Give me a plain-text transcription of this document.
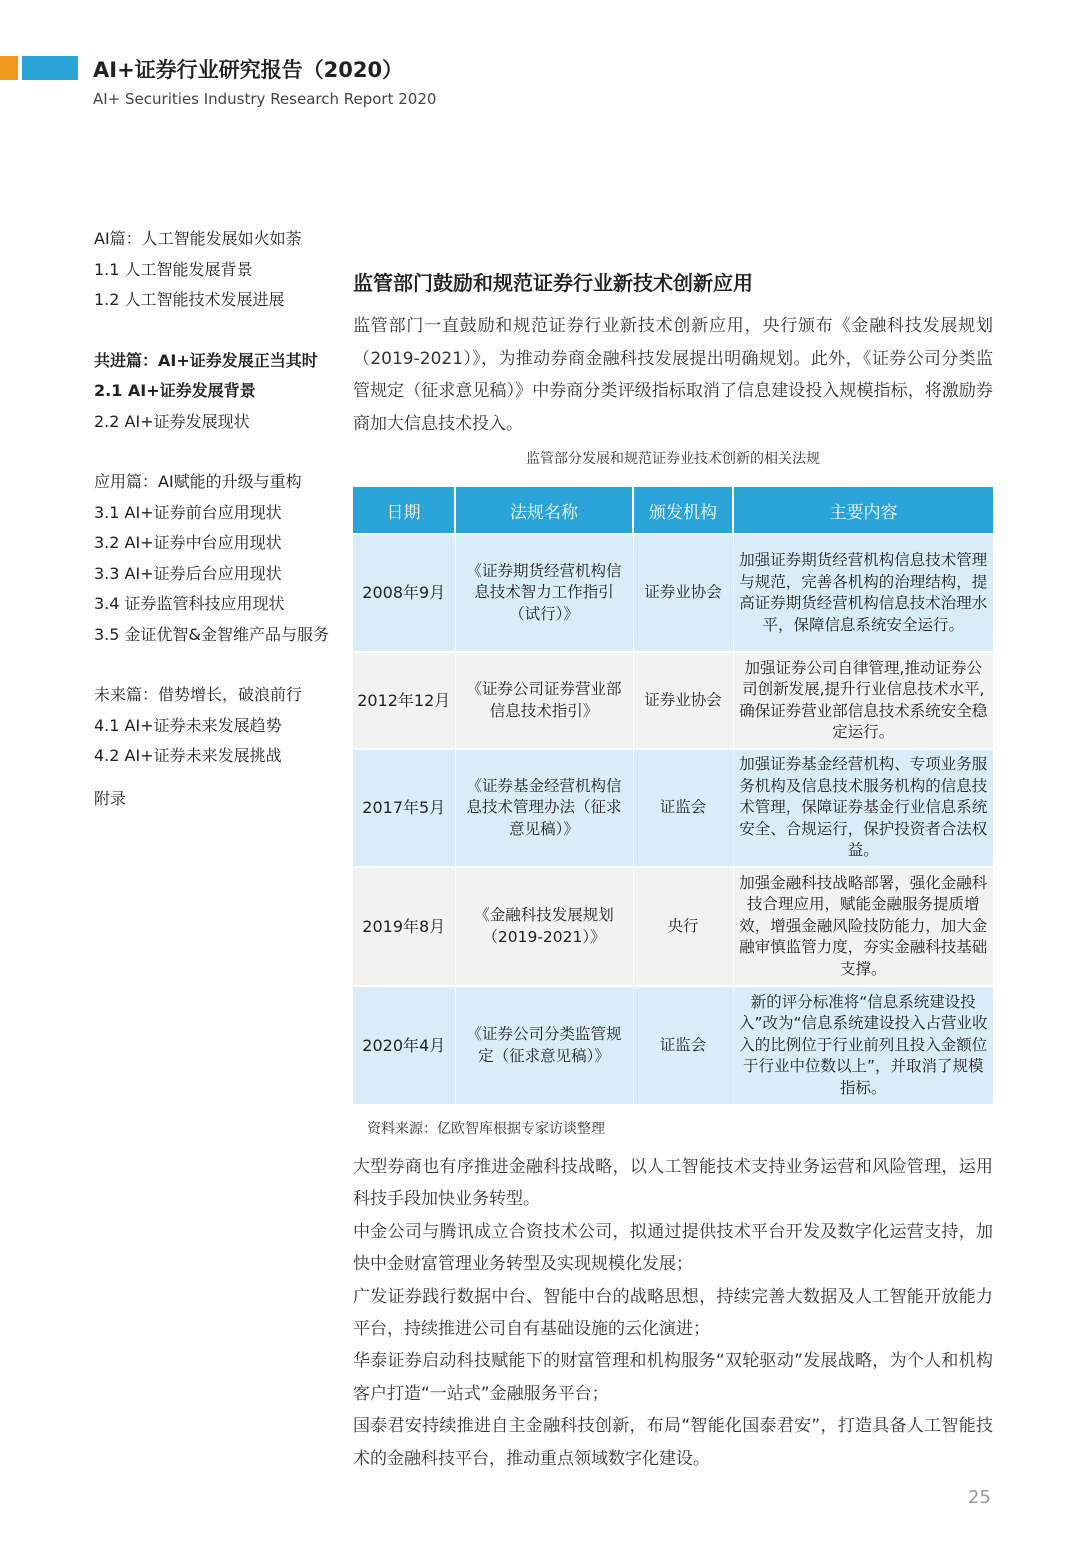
AI+证券行业研究报告（2020）
AI+ Securities Industry Research Report 2020
AI篇：人工智能发展如火如荼
1.1 人工智能发展背景
1.2 人工智能技术发展进展
共进篇：AI+证券发展正当其时
2.1 AI+证券发展背景
2.2 AI+证券发展现状
应用篇：AI赋能的升级与重构
3.1 AI+证券前台应用现状
3.2 AI+证券中台应用现状
3.3 AI+证券后台应用现状
3.4 证券监管科技应用现状
3.5 金证优智&金智维产品与服务
未来篇：借势增长，破浪前行
4.1 AI+证券未来发展趋势
4.2 AI+证券未来发展挑战
附录
监管部门鼓励和规范证券行业新技术创新应用
监管部门一直鼓励和规范证券行业新技术创新应用，央行颁布《金融科技发展规划（2019-2021）》，为推动券商金融科技发展提出明确规划。此外，《证券公司分类监管规定（征求意见稿）》中券商分类评级指标取消了信息建设投入规模指标，将激励券商加大信息技术投入。
监管部分发展和规范证券业技术创新的相关法规
日期	法规名称	颁发机构	主要内容
2008年9月	《证券期货经营机构信息技术智力工作指引（试行）》	证券业协会	加强证券期货经营机构信息技术管理与规范，完善各机构的治理结构，提高证券期货经营机构信息技术治理水平，保障信息系统安全运行。
2012年12月	《证券公司证券营业部信息技术指引》	证券业协会	加强证券公司自律管理,推动证券公司创新发展,提升行业信息技术水平,确保证券营业部信息技术系统安全稳定运行。
2017年5月	《证券基金经营机构信息技术管理办法（征求意见稿）》	证监会	加强证券基金经营机构、专项业务服务机构及信息技术服务机构的信息技术管理，保障证券基金行业信息系统安全、合规运行，保护投资者合法权益。
2019年8月	《金融科技发展规划（2019-2021）》	央行	加强金融科技战略部署，强化金融科技合理应用，赋能金融服务提质增效，增强金融风险技防能力，加大金融审慎监管力度，夯实金融科技基础支撑。
2020年4月	《证券公司分类监管规定（征求意见稿）》	证监会	新的评分标准将“信息系统建设投入”改为“信息系统建设投入占营业收入的比例位于行业前列且投入金额位于行业中位数以上”，并取消了规模指标。
资料来源：亿欧智库根据专家访谈整理

大型券商也有序推进金融科技战略，以人工智能技术支持业务运营和风险管理，运用科技手段加快业务转型。

中金公司与腾讯成立合资技术公司，拟通过提供技术平台开发及数字化运营支持，加快中金财富管理业务转型及实现规模化发展；

广发证券践行数据中台、智能中台的战略思想，持续完善大数据及人工智能开放能力平台，持续推进公司自有基础设施的云化演进；

华泰证券启动科技赋能下的财富管理和机构服务“双轮驱动”发展战略，为个人和机构客户打造“一站式”金融服务平台；

国泰君安持续推进自主金融科技创新，布局“智能化国泰君安”，打造具备人工智能技术的金融科技平台，推动重点领域数字化建设。

25
